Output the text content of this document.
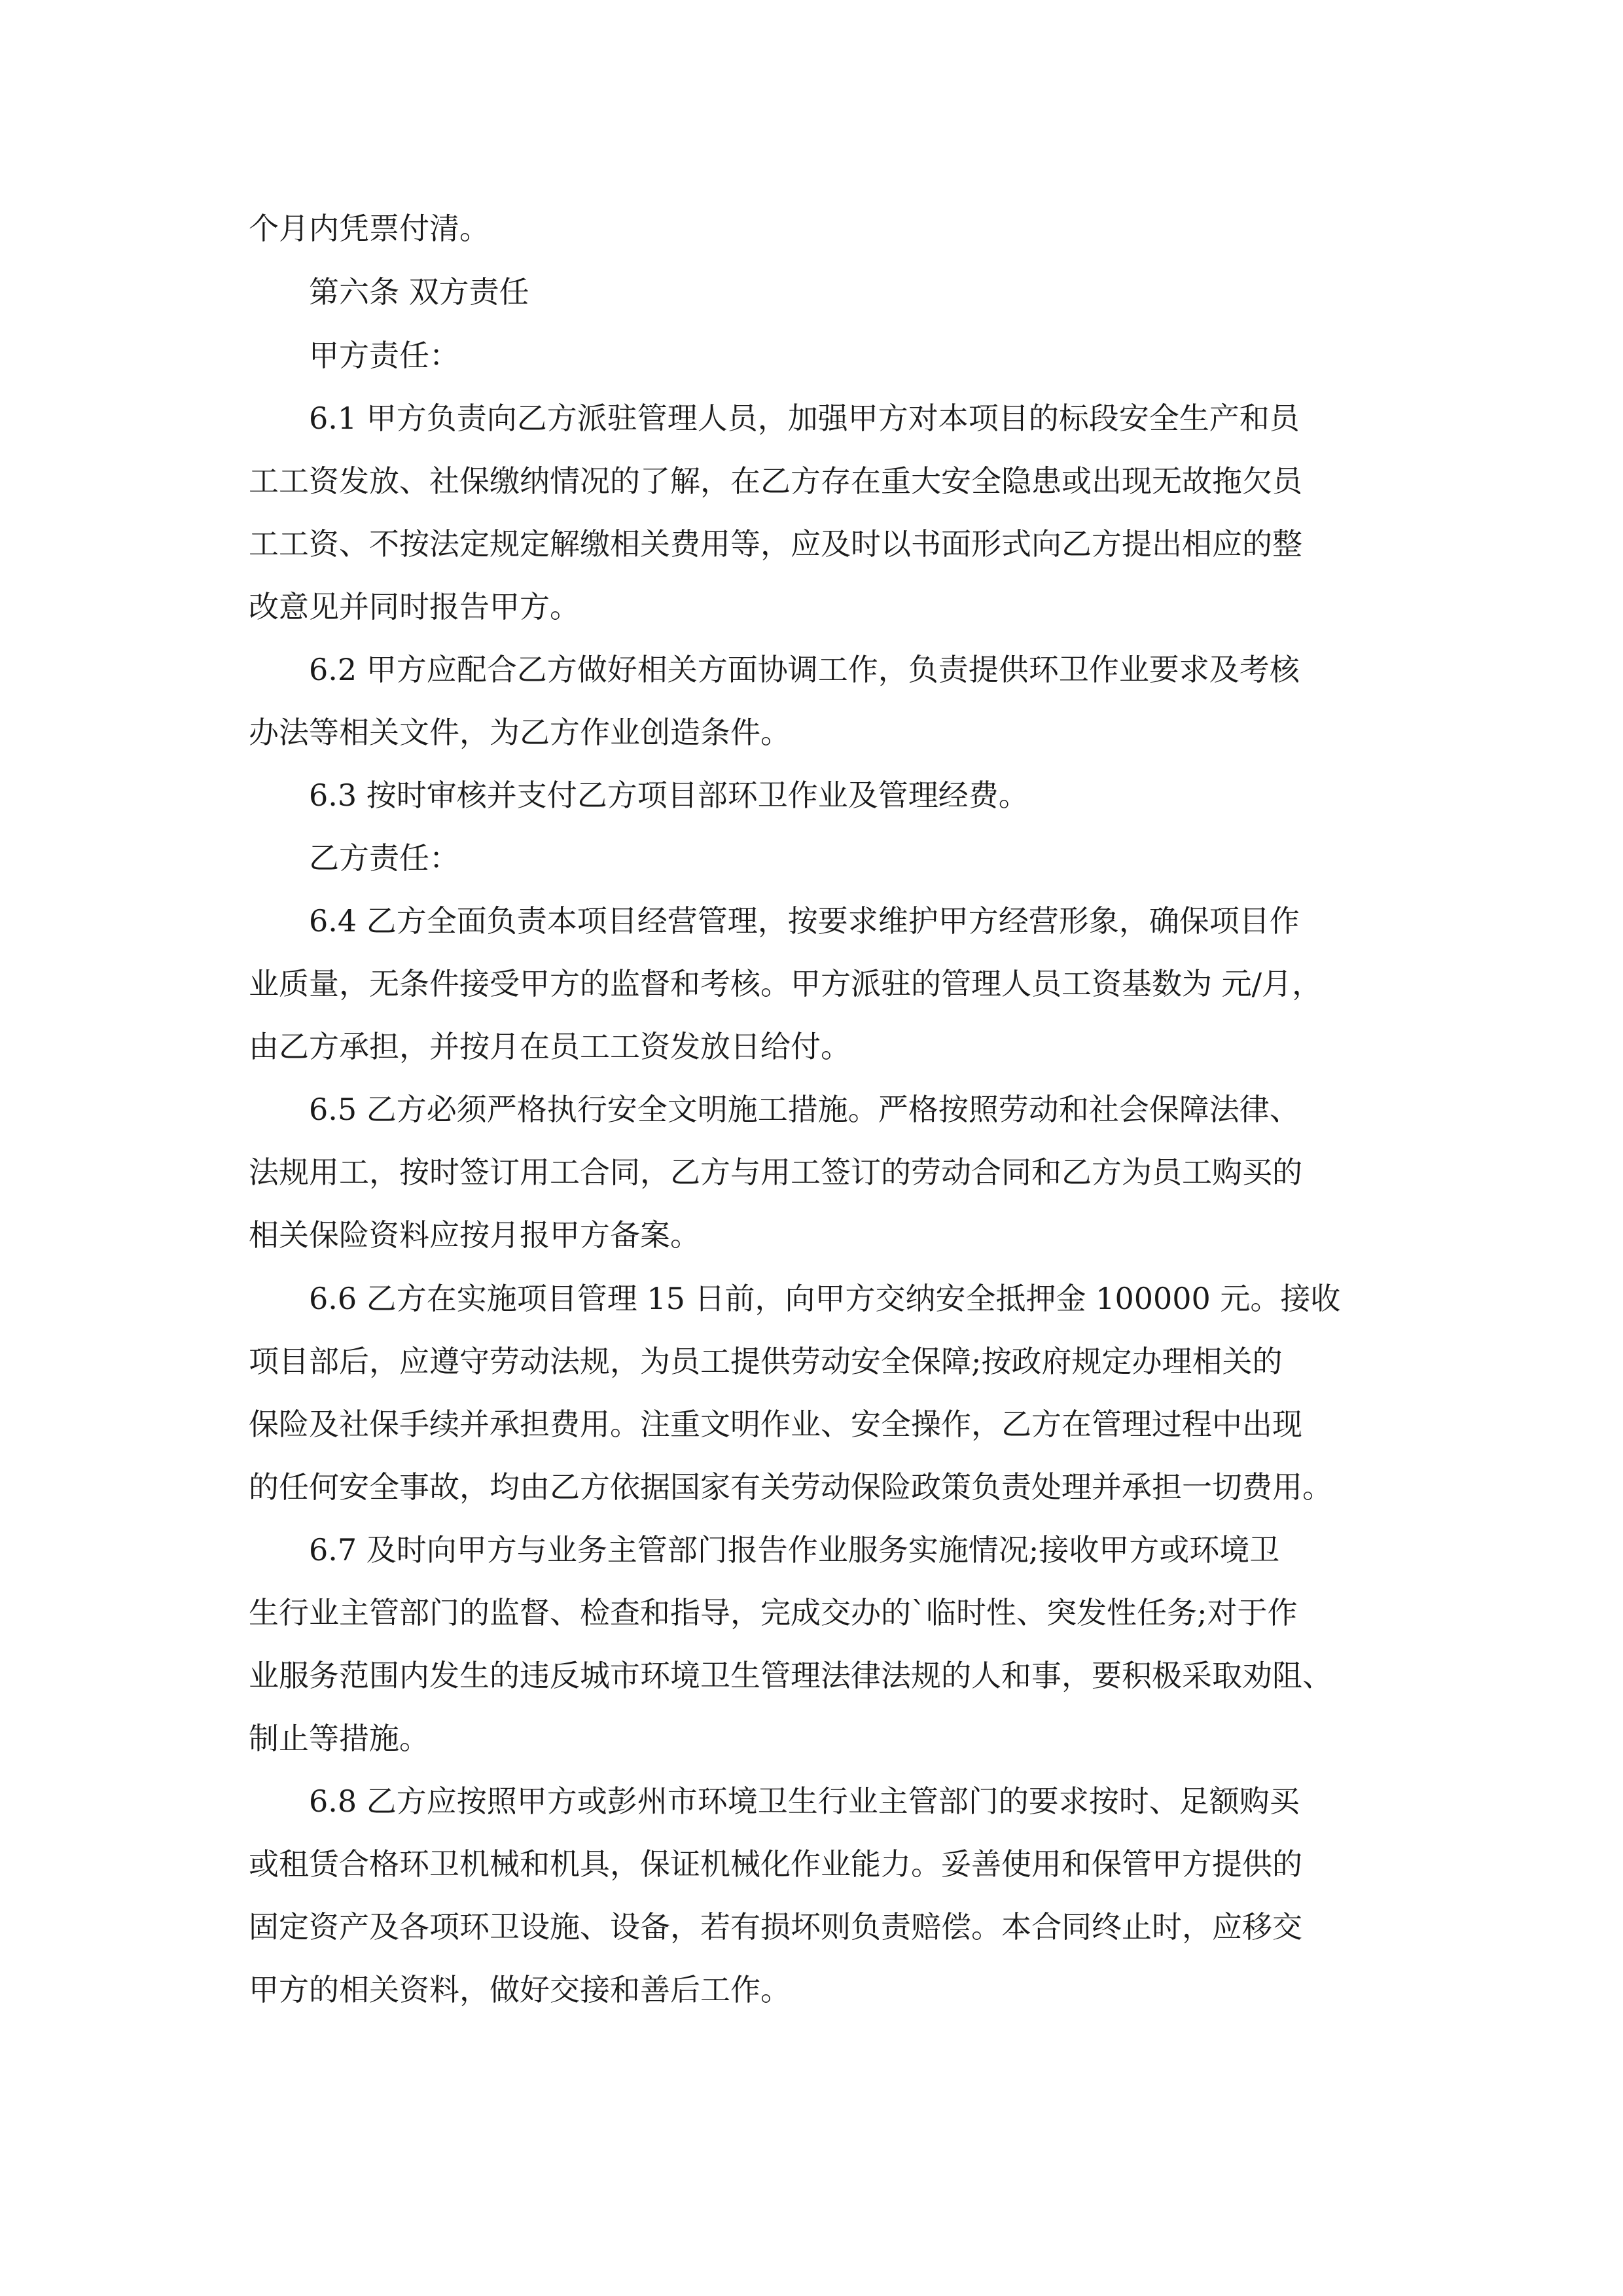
个月内凭票付清。

第六条 双方责任

甲方责任：

6.1 甲方负责向乙方派驻管理人员，加强甲方对本项目的标段安全生产和员

工工资发放、社保缴纳情况的了解，在乙方存在重大安全隐患或出现无故拖欠员

工工资、不按法定规定解缴相关费用等，应及时以书面形式向乙方提出相应的整

改意见并同时报告甲方。

6.2 甲方应配合乙方做好相关方面协调工作，负责提供环卫作业要求及考核

办法等相关文件，为乙方作业创造条件。

6.3 按时审核并支付乙方项目部环卫作业及管理经费。

乙方责任：

6.4 乙方全面负责本项目经营管理，按要求维护甲方经营形象，确保项目作

业质量，无条件接受甲方的监督和考核。甲方派驻的管理人员工资基数为 元/月，

由乙方承担，并按月在员工工资发放日给付。

6.5 乙方必须严格执行安全文明施工措施。严格按照劳动和社会保障法律、

法规用工，按时签订用工合同，乙方与用工签订的劳动合同和乙方为员工购买的

相关保险资料应按月报甲方备案。

6.6 乙方在实施项目管理 15 日前，向甲方交纳安全抵押金 100000 元。接收

项目部后，应遵守劳动法规，为员工提供劳动安全保障;按政府规定办理相关的

保险及社保手续并承担费用。注重文明作业、安全操作，乙方在管理过程中出现

的任何安全事故，均由乙方依据国家有关劳动保险政策负责处理并承担一切费用。

6.7 及时向甲方与业务主管部门报告作业服务实施情况;接收甲方或环境卫

生行业主管部门的监督、检查和指导，完成交办的`临时性、突发性任务;对于作

业服务范围内发生的违反城市环境卫生管理法律法规的人和事，要积极采取劝阻、

制止等措施。

6.8 乙方应按照甲方或彭州市环境卫生行业主管部门的要求按时、足额购买

或租赁合格环卫机械和机具，保证机械化作业能力。妥善使用和保管甲方提供的

固定资产及各项环卫设施、设备，若有损坏则负责赔偿。本合同终止时，应移交

甲方的相关资料，做好交接和善后工作。
